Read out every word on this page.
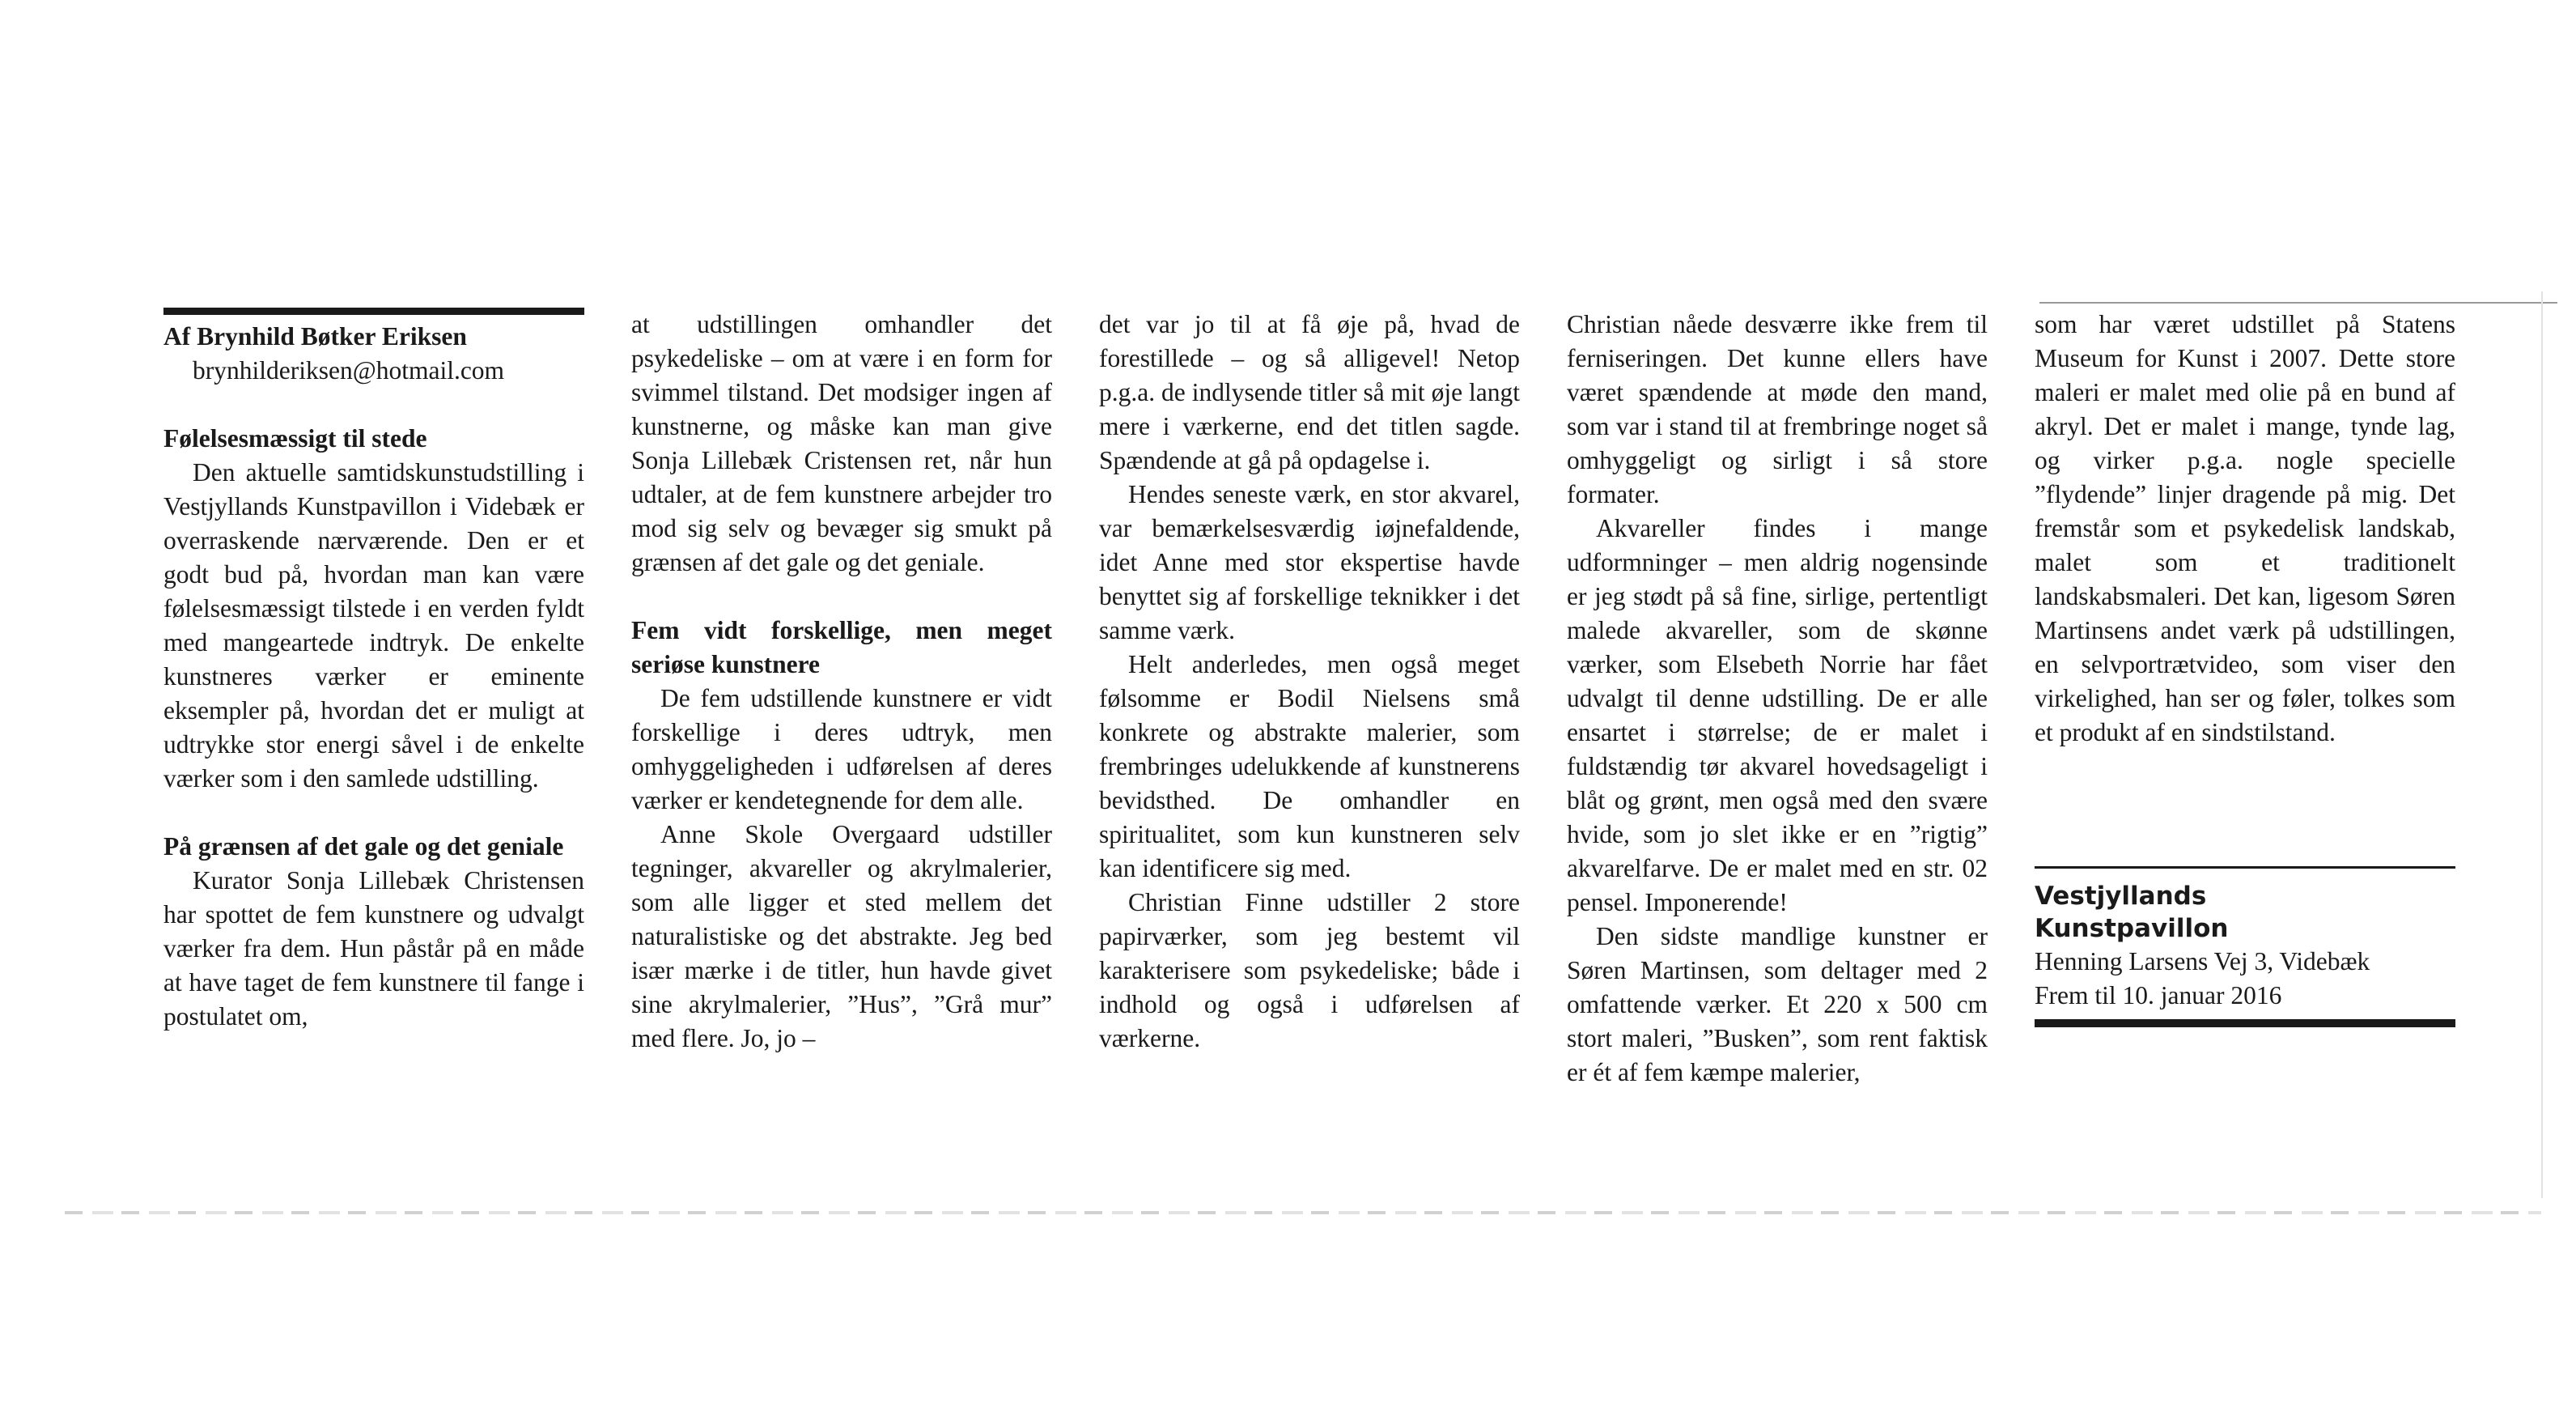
Af Brynhild Bøtker Eriksen

brynhilderiksen@hotmail.com

Følelsesmæssigt til stede

Den aktuelle samtidskunstudstilling i Vestjyllands Kunstpavillon i Videbæk er overraskende nærværende. Den er et godt bud på, hvordan man kan være følelsesmæssigt tilstede i en verden fyldt med mangeartede indtryk. De enkelte kunstneres værker er eminente eksempler på, hvordan det er muligt at udtrykke stor energi såvel i de enkelte værker som i den samlede udstilling.

På grænsen af det gale og det geniale

Kurator Sonja Lillebæk Christensen har spottet de fem kunstnere og udvalgt værker fra dem. Hun påstår på en måde at have taget de fem kunstnere til fange i postulatet om,

at udstillingen omhandler det psykedeliske – om at være i en form for svimmel tilstand. Det modsiger ingen af kunstnerne, og måske kan man give Sonja Lillebæk Cristensen ret, når hun udtaler, at de fem kunstnere arbejder tro mod sig selv og bevæger sig smukt på grænsen af det gale og det geniale.

Fem vidt forskellige, men meget seriøse kunstnere

De fem udstillende kunstnere er vidt forskellige i deres udtryk, men omhyggeligheden i udførelsen af deres værker er kendetegnende for dem alle.

Anne Skole Overgaard udstiller tegninger, akvareller og akrylmalerier, som alle ligger et sted mellem det naturalistiske og det abstrakte. Jeg bed især mærke i de titler, hun havde givet sine akrylmalerier, ”Hus”, ”Grå mur” med flere. Jo, jo –

det var jo til at få øje på, hvad de forestillede – og så alligevel! Netop p.g.a. de indlysende titler så mit øje langt mere i værkerne, end det titlen sagde. Spændende at gå på opdagelse i.

Hendes seneste værk, en stor akvarel, var bemærkelsesværdig iøjnefaldende, idet Anne med stor ekspertise havde benyttet sig af forskellige teknikker i det samme værk.

Helt anderledes, men også meget følsomme er Bodil Nielsens små konkrete og abstrakte malerier, som frembringes udelukkende af kunstnerens bevidsthed. De omhandler en spiritualitet, som kun kunstneren selv kan identificere sig med.

Christian Finne udstiller 2 store papirværker, som jeg bestemt vil karakterisere som psykedeliske; både i indhold og også i udførelsen af værkerne.

Christian nåede desværre ikke frem til ferniseringen. Det kunne ellers have været spændende at møde den mand, som var i stand til at frembringe noget så omhyggeligt og sirligt i så store formater.

Akvareller findes i mange udformninger – men aldrig nogensinde er jeg stødt på så fine, sirlige, pertentligt malede akvareller, som de skønne værker, som Elsebeth Norrie har fået udvalgt til denne udstilling. De er alle ensartet i størrelse; de er malet i fuldstændig tør akvarel hovedsageligt i blåt og grønt, men også med den svære hvide, som jo slet ikke er en ”rigtig” akvarelfarve. De er malet med en str. 02 pensel. Imponerende!

Den sidste mandlige kunstner er Søren Martinsen, som deltager med 2 omfattende værker. Et 220 x 500 cm stort maleri, ”Busken”, som rent faktisk er ét af fem kæmpe malerier,

som har været udstillet på Statens Museum for Kunst i 2007. Dette store maleri er malet med olie på en bund af akryl. Det er malet i mange, tynde lag, og virker p.g.a. nogle specielle ”flydende” linjer dragende på mig. Det fremstår som et psykedelisk landskab, malet som et traditionelt landskabsmaleri. Det kan, ligesom Søren Martinsens andet værk på udstillingen, en selvportrætvideo, som viser den virkelighed, han ser og føler, tolkes som et produkt af en sindstilstand.

Vestjyllands
Kunstpavillon
Henning Larsens Vej 3, Videbæk
Frem til 10. januar 2016
